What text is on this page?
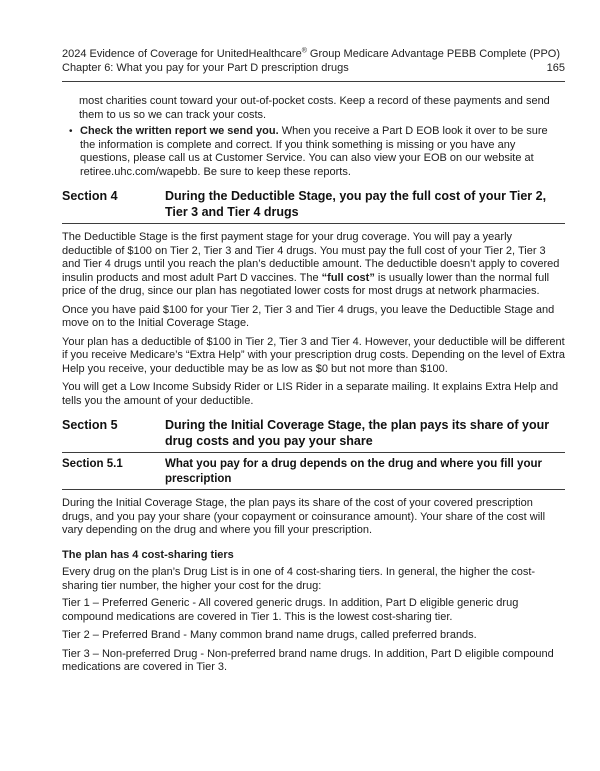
2024 Evidence of Coverage for UnitedHealthcare® Group Medicare Advantage PEBB Complete (PPO)
Chapter 6: What you pay for your Part D prescription drugs	165
most charities count toward your out-of-pocket costs. Keep a record of these payments and send them to us so we can track your costs.
• Check the written report we send you. When you receive a Part D EOB look it over to be sure the information is complete and correct. If you think something is missing or you have any questions, please call us at Customer Service. You can also view your EOB on our website at retiree.uhc.com/wapebb. Be sure to keep these reports.
Section 4	During the Deductible Stage, you pay the full cost of your Tier 2, Tier 3 and Tier 4 drugs
The Deductible Stage is the first payment stage for your drug coverage. You will pay a yearly deductible of $100 on Tier 2, Tier 3 and Tier 4 drugs. You must pay the full cost of your Tier 2, Tier 3 and Tier 4 drugs until you reach the plan’s deductible amount. The deductible doesn’t apply to covered insulin products and most adult Part D vaccines. The “full cost” is usually lower than the normal full price of the drug, since our plan has negotiated lower costs for most drugs at network pharmacies.
Once you have paid $100 for your Tier 2, Tier 3 and Tier 4 drugs, you leave the Deductible Stage and move on to the Initial Coverage Stage.
Your plan has a deductible of $100 in Tier 2, Tier 3 and Tier 4. However, your deductible will be different if you receive Medicare’s “Extra Help” with your prescription drug costs. Depending on the level of Extra Help you receive, your deductible may be as low as $0 but not more than $100.
You will get a Low Income Subsidy Rider or LIS Rider in a separate mailing. It explains Extra Help and tells you the amount of your deductible.
Section 5	During the Initial Coverage Stage, the plan pays its share of your drug costs and you pay your share
Section 5.1	What you pay for a drug depends on the drug and where you fill your prescription
During the Initial Coverage Stage, the plan pays its share of the cost of your covered prescription drugs, and you pay your share (your copayment or coinsurance amount). Your share of the cost will vary depending on the drug and where you fill your prescription.
The plan has 4 cost-sharing tiers
Every drug on the plan’s Drug List is in one of 4 cost-sharing tiers. In general, the higher the cost-sharing tier number, the higher your cost for the drug:
Tier 1 – Preferred Generic - All covered generic drugs. In addition, Part D eligible generic drug compound medications are covered in Tier 1. This is the lowest cost-sharing tier.
Tier 2 – Preferred Brand - Many common brand name drugs, called preferred brands.
Tier 3 – Non-preferred Drug - Non-preferred brand name drugs. In addition, Part D eligible compound medications are covered in Tier 3.
